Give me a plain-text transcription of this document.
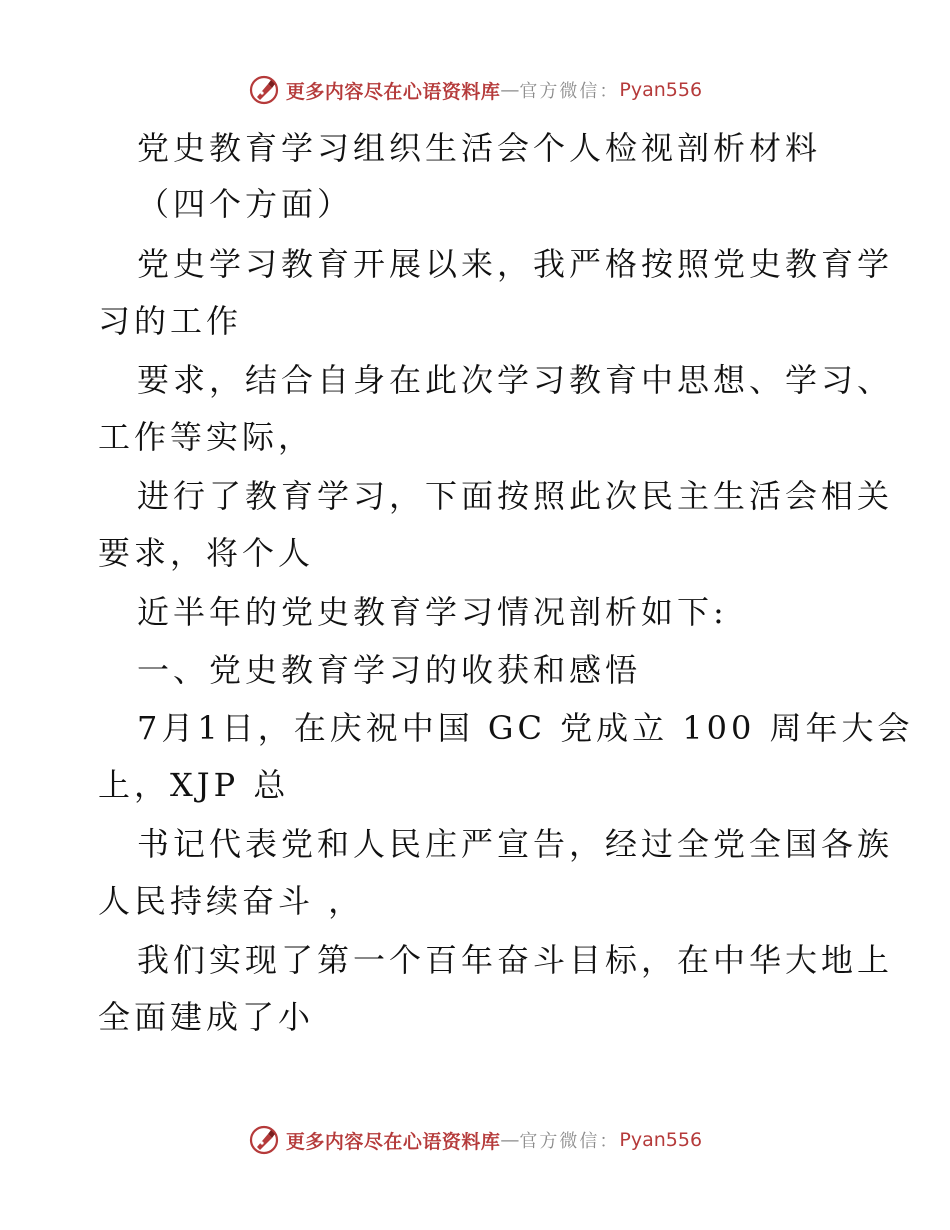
更多内容尽在心语资料库 — 官方微信： Pyan556
党史教育学习组织生活会个人检视剖析材料
（四个方面）
党史学习教育开展以来，我严格按照党史教育学
习的工作
要求，结合自身在此次学习教育中思想、学习、
工作等实际，
进行了教育学习，下面按照此次民主生活会相关
要求，将个人
近半年的党史教育学习情况剖析如下:
一、党史教育学习的收获和感悟
7月1日，在庆祝中国 GC 党成立 100 周年大会
上，XJP 总
书记代表党和人民庄严宣告，经过全党全国各族
人民持续奋斗 ，
我们实现了第一个百年奋斗目标，在中华大地上
全面建成了小
更多内容尽在心语资料库 — 官方微信： Pyan556
